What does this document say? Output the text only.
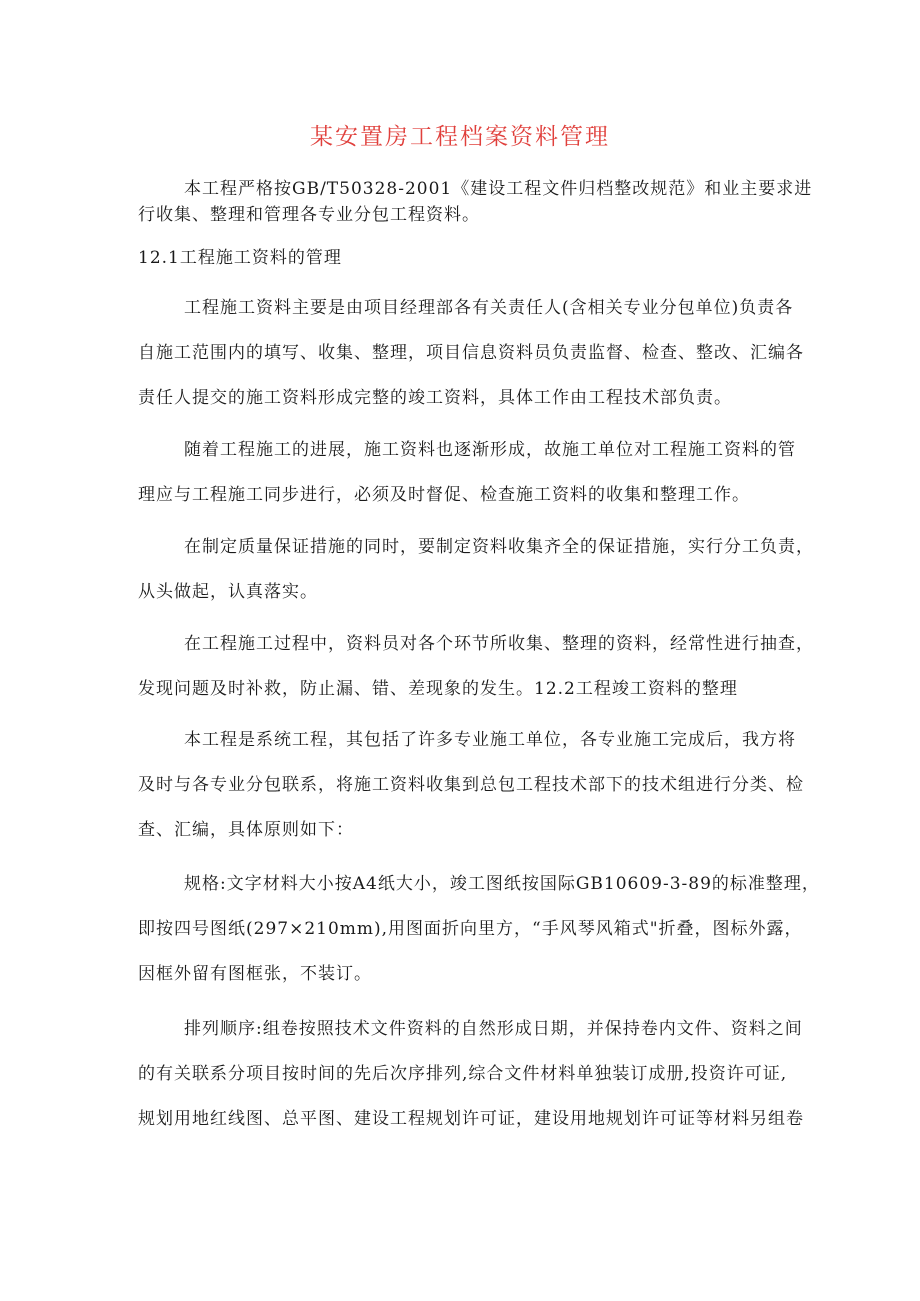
某安置房工程档案资料管理
本工程严格按GB/T50328-2001《建设工程文件归档整改规范》和业主要求进
行收集、整理和管理各专业分包工程资料。
12.1工程施工资料的管理
工程施工资料主要是由项目经理部各有关责任人(含相关专业分包单位)负责各
自施工范围内的填写、收集、整理，项目信息资料员负责监督、检查、整改、汇编各
责任人提交的施工资料形成完整的竣工资料，具体工作由工程技术部负责。
随着工程施工的进展，施工资料也逐渐形成，故施工单位对工程施工资料的管
理应与工程施工同步进行，必须及时督促、检查施工资料的收集和整理工作。
在制定质量保证措施的同时，要制定资料收集齐全的保证措施，实行分工负责，
从头做起，认真落实。
在工程施工过程中，资料员对各个环节所收集、整理的资料，经常性进行抽查，
发现问题及时补救，防止漏、错、差现象的发生。12.2工程竣工资料的整理
本工程是系统工程，其包括了许多专业施工单位，各专业施工完成后，我方将
及时与各专业分包联系，将施工资料收集到总包工程技术部下的技术组进行分类、检
查、汇编，具体原则如下：
规格:文字材料大小按A4纸大小，竣工图纸按国际GB10609-3-89的标准整理，
即按四号图纸(297×210mm),用图面折向里方，“手风琴风箱式"折叠，图标外露，
因框外留有图框张，不装订。
排列顺序:组卷按照技术文件资料的自然形成日期，并保持卷内文件、资料之间
的有关联系分项目按时间的先后次序排列,综合文件材料单独装订成册,投资许可证,
规划用地红线图、总平图、建设工程规划许可证，建设用地规划许可证等材料另组卷
